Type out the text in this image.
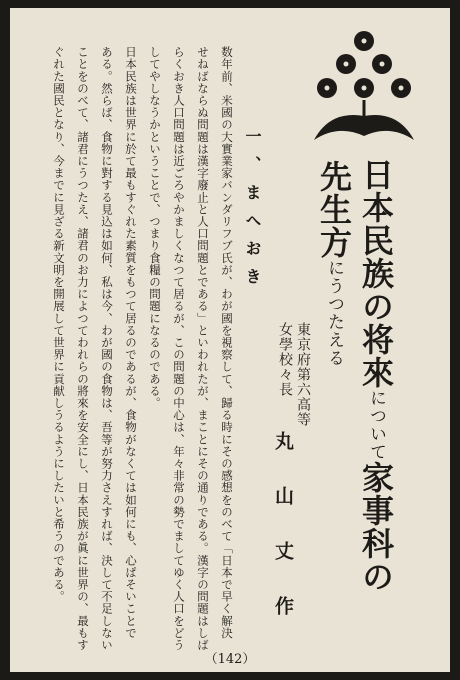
日本民族の将來について家事科の
先生方にうつたえる
東京府第六高等
女學校々長
丸山丈作
一、まへおき
数年前、米國の大實業家バンダリフブ氏が、わが國を視察して、歸る時にその感想をのべて「日本で早く解決
せねばならぬ問題は漢字廢止と人口問題とである」といわれたが、まことにその通りである。漢字の問題はしば
らくおき人口問題は近ごろやかましくなつて居るが、この問題の中心は、年々非常の勢でましてゆく人口をどう
してやしなうかということで、つまり食糧の問題になるのである。
日本民族は世界に於て最もすぐれた素質をもつて居るのであるが、食物がなくては如何にも、心ぱそいことで
ある。然らば、食物に對する見込は如何、私は今、わが國の食物は、吾等が努力さえすれば、決して不足しない
ことをのべて、諸君にうつたえ、諸君のお力によつてわれらの將來を安全にし、日本民族が眞に世界の、最もす
ぐれた國民となり、今までに見ざる新文明を開展して世界に貢献しうるようにしたいと希うのである。
（142）
